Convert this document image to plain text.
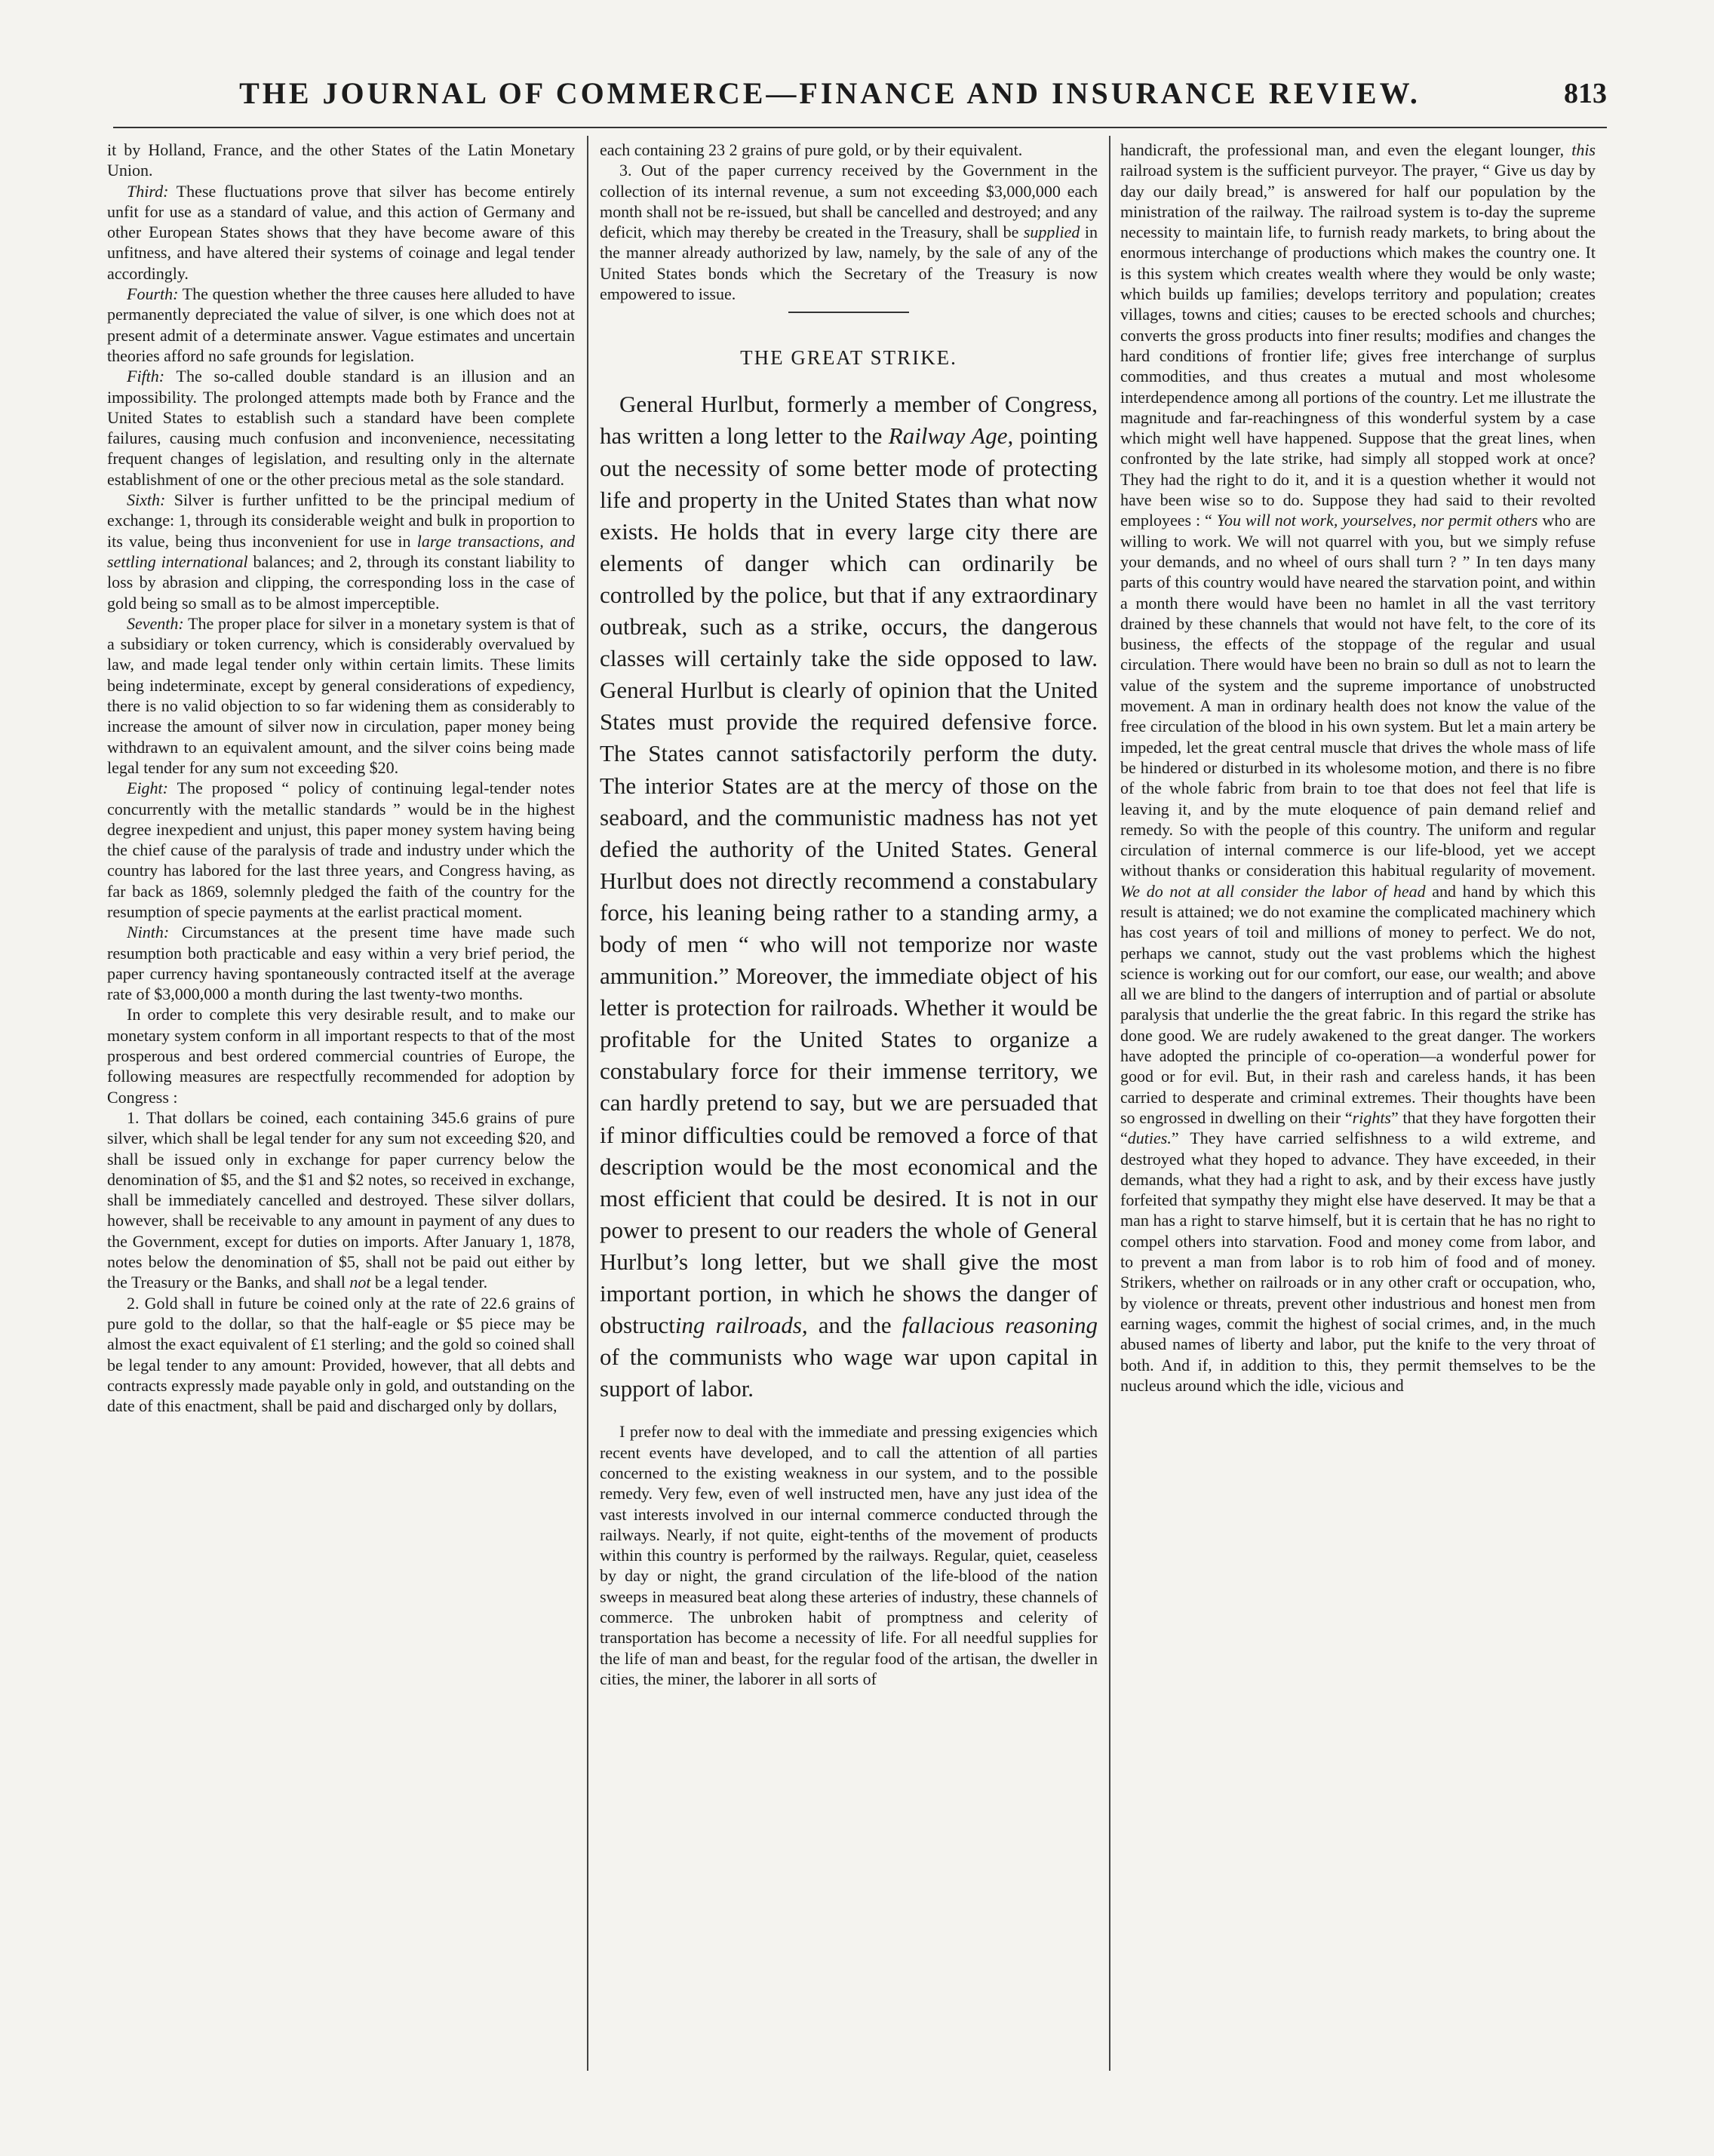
THE JOURNAL OF COMMERCE—FINANCE AND INSURANCE REVIEW.	813

it by Holland, France, and the other States of the Latin Monetary Union.

Third: These fluctuations prove that silver has become entirely unfit for use as a standard of value, and this action of Germany and other European States shows that they have become aware of this unfitness, and have altered their systems of coinage and legal tender accordingly.

Fourth: The question whether the three causes here alluded to have permanently depreciated the value of silver, is one which does not at present admit of a determinate answer. Vague estimates and uncertain theories afford no safe grounds for legislation.

Fifth: The so-called double standard is an illusion and an impossibility. The prolonged attempts made both by France and the United States to establish such a standard have been complete failures, causing much confusion and inconvenience, necessitating frequent changes of legislation, and resulting only in the alternate establishment of one or the other precious metal as the sole standard.

Sixth: Silver is further unfitted to be the principal medium of exchange: 1, through its considerable weight and bulk in proportion to its value, being thus inconvenient for use in large transactions, and settling international balances; and 2, through its constant liability to loss by abrasion and clipping, the corresponding loss in the case of gold being so small as to be almost imperceptible.

Seventh: The proper place for silver in a monetary system is that of a subsidiary or token currency, which is considerably overvalued by law, and made legal tender only within certain limits. These limits being indeterminate, except by general considerations of expediency, there is no valid objection to so far widening them as considerably to increase the amount of silver now in circulation, paper money being withdrawn to an equivalent amount, and the silver coins being made legal tender for any sum not exceeding $20.

Eight: The proposed “ policy of continuing legal-tender notes concurrently with the metallic standards ” would be in the highest degree inexpedient and unjust, this paper money system having being the chief cause of the paralysis of trade and industry under which the country has labored for the last three years, and Congress having, as far back as 1869, solemnly pledged the faith of the country for the resumption of specie payments at the earlist practical moment.

Ninth: Circumstances at the present time have made such resumption both practicable and easy within a very brief period, the paper currency having spontaneously contracted itself at the average rate of $3,000,000 a month during the last twenty-two months.

In order to complete this very desirable result, and to make our monetary system conform in all important respects to that of the most prosperous and best ordered commercial countries of Europe, the following measures are respectfully recommended for adoption by Congress :

1. That dollars be coined, each containing 345.6 grains of pure silver, which shall be legal tender for any sum not exceeding $20, and shall be issued only in exchange for paper currency below the denomination of $5, and the $1 and $2 notes, so received in exchange, shall be immediately cancelled and destroyed. These silver dollars, however, shall be receivable to any amount in payment of any dues to the Government, except for duties on imports. After January 1, 1878, notes below the denomination of $5, shall not be paid out either by the Treasury or the Banks, and shall not be a legal tender.

2. Gold shall in future be coined only at the rate of 22.6 grains of pure gold to the dollar, so that the half-eagle or $5 piece may be almost the exact equivalent of £1 sterling; and the gold so coined shall be legal tender to any amount: Provided, however, that all debts and contracts expressly made payable only in gold, and outstanding on the date of this enactment, shall be paid and discharged only by dollars,

each containing 23 2 grains of pure gold, or by their equivalent.

3. Out of the paper currency received by the Government in the collection of its internal revenue, a sum not exceeding $3,000,000 each month shall not be re-issued, but shall be cancelled and destroyed; and any deficit, which may thereby be created in the Treasury, shall be supplied in the manner already authorized by law, namely, by the sale of any of the United States bonds which the Secretary of the Treasury is now empowered to issue.

THE GREAT STRIKE.

General Hurlbut, formerly a member of Congress, has written a long letter to the Railway Age, pointing out the necessity of some better mode of protecting life and property in the United States than what now exists. He holds that in every large city there are elements of danger which can ordinarily be controlled by the police, but that if any extraordinary outbreak, such as a strike, occurs, the dangerous classes will certainly take the side opposed to law. General Hurlbut is clearly of opinion that the United States must provide the required defensive force. The States cannot satisfactorily perform the duty. The interior States are at the mercy of those on the seaboard, and the communistic madness has not yet defied the authority of the United States. General Hurlbut does not directly recommend a constabulary force, his leaning being rather to a standing army, a body of men “ who will not temporize nor waste ammunition.” Moreover, the immediate object of his letter is protection for railroads. Whether it would be profitable for the United States to organize a constabulary force for their immense territory, we can hardly pretend to say, but we are persuaded that if minor difficulties could be removed a force of that description would be the most economical and the most efficient that could be desired. It is not in our power to present to our readers the whole of General Hurlbut’s long letter, but we shall give the most important portion, in which he shows the danger of obstructing railroads, and the fallacious reasoning of the communists who wage war upon capital in support of labor.

I prefer now to deal with the immediate and pressing exigencies which recent events have developed, and to call the attention of all parties concerned to the existing weakness in our system, and to the possible remedy. Very few, even of well instructed men, have any just idea of the vast interests involved in our internal commerce conducted through the railways. Nearly, if not quite, eight-tenths of the movement of products within this country is performed by the railways. Regular, quiet, ceaseless by day or night, the grand circulation of the life-blood of the nation sweeps in measured beat along these arteries of industry, these channels of commerce. The unbroken habit of promptness and celerity of transportation has become a necessity of life. For all needful supplies for the life of man and beast, for the regular food of the artisan, the dweller in cities, the miner, the laborer in all sorts of

handicraft, the professional man, and even the elegant lounger, this railroad system is the sufficient purveyor. The prayer, “ Give us day by day our daily bread,” is answered for half our population by the ministration of the railway. The railroad system is to-day the supreme necessity to maintain life, to furnish ready markets, to bring about the enormous interchange of productions which makes the country one. It is this system which creates wealth where they would be only waste; which builds up families; develops territory and population; creates villages, towns and cities; causes to be erected schools and churches; converts the gross products into finer results; modifies and changes the hard conditions of frontier life; gives free interchange of surplus commodities, and thus creates a mutual and most wholesome interdependence among all portions of the country. Let me illustrate the magnitude and far-reachingness of this wonderful system by a case which might well have happened. Suppose that the great lines, when confronted by the late strike, had simply all stopped work at once? They had the right to do it, and it is a question whether it would not have been wise so to do. Suppose they had said to their revolted employees : “ You will not work, yourselves, nor permit others who are willing to work. We will not quarrel with you, but we simply refuse your demands, and no wheel of ours shall turn ? ” In ten days many parts of this country would have neared the starvation point, and within a month there would have been no hamlet in all the vast territory drained by these channels that would not have felt, to the core of its business, the effects of the stoppage of the regular and usual circulation. There would have been no brain so dull as not to learn the value of the system and the supreme importance of unobstructed movement. A man in ordinary health does not know the value of the free circulation of the blood in his own system. But let a main artery be impeded, let the great central muscle that drives the whole mass of life be hindered or disturbed in its wholesome motion, and there is no fibre of the whole fabric from brain to toe that does not feel that life is leaving it, and by the mute eloquence of pain demand relief and remedy. So with the people of this country. The uniform and regular circulation of internal commerce is our life-blood, yet we accept without thanks or consideration this habitual regularity of movement. We do not at all consider the labor of head and hand by which this result is attained; we do not examine the complicated machinery which has cost years of toil and millions of money to perfect. We do not, perhaps we cannot, study out the vast problems which the highest science is working out for our comfort, our ease, our wealth; and above all we are blind to the dangers of interruption and of partial or absolute paralysis that underlie the the great fabric. In this regard the strike has done good. We are rudely awakened to the great danger. The workers have adopted the principle of co-operation—a wonderful power for good or for evil. But, in their rash and careless hands, it has been carried to desperate and criminal extremes. Their thoughts have been so engrossed in dwelling on their “rights” that they have forgotten their “duties.” They have carried selfishness to a wild extreme, and destroyed what they hoped to advance. They have exceeded, in their demands, what they had a right to ask, and by their excess have justly forfeited that sympathy they might else have deserved. It may be that a man has a right to starve himself, but it is certain that he has no right to compel others into starvation. Food and money come from labor, and to prevent a man from labor is to rob him of food and of money. Strikers, whether on railroads or in any other craft or occupation, who, by violence or threats, prevent other industrious and honest men from earning wages, commit the highest of social crimes, and, in the much abused names of liberty and labor, put the knife to the very throat of both. And if, in addition to this, they permit themselves to be the nucleus around which the idle, vicious and
